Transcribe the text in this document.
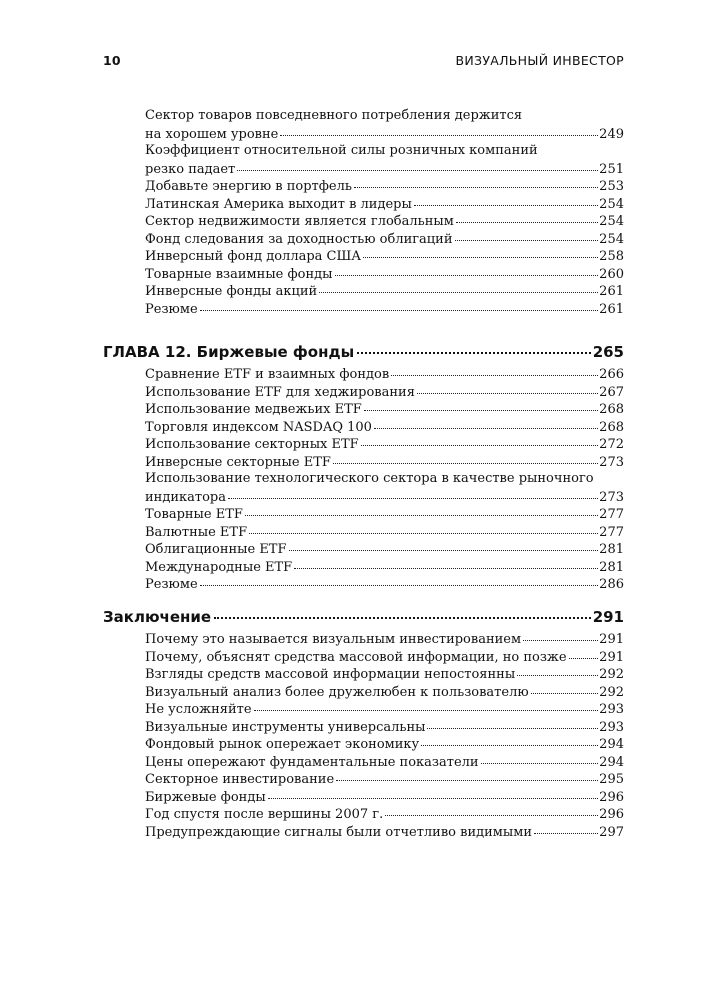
10	ВИЗУАЛЬНЫЙ ИНВЕСТОР
Сектор товаров повседневного потребления держится
на хорошем уровне	249
Коэффициент относительной силы розничных компаний
резко падает	251
Добавьте энергию в портфель	253
Латинская Америка выходит в лидеры	254
Сектор недвижимости является глобальным	254
Фонд следования за доходностью облигаций	254
Инверсный фонд доллара США	258
Товарные взаимные фонды	260
Инверсные фонды акций	261
Резюме	261
ГЛАВА 12. Биржевые фонды	265
Сравнение ETF и взаимных фондов	266
Использование ETF для хеджирования	267
Использование медвежьих ETF	268
Торговля индексом NASDAQ 100	268
Использование секторных ETF	272
Инверсные секторные ETF	273
Использование технологического сектора в качестве рыночного
индикатора	273
Товарные ETF	277
Валютные ETF	277
Облигационные ETF	281
Международные ETF	281
Резюме	286
Заключение	291
Почему это называется визуальным инвестированием	291
Почему, объяснят средства массовой информации, но позже	291
Взгляды средств массовой информации непостоянны	292
Визуальный анализ более дружелюбен к пользователю	292
Не усложняйте	293
Визуальные инструменты универсальны	293
Фондовый рынок опережает экономику	294
Цены опережают фундаментальные показатели	294
Секторное инвестирование	295
Биржевые фонды	296
Год спустя после вершины 2007 г.	296
Предупреждающие сигналы были отчетливо видимыми	297
